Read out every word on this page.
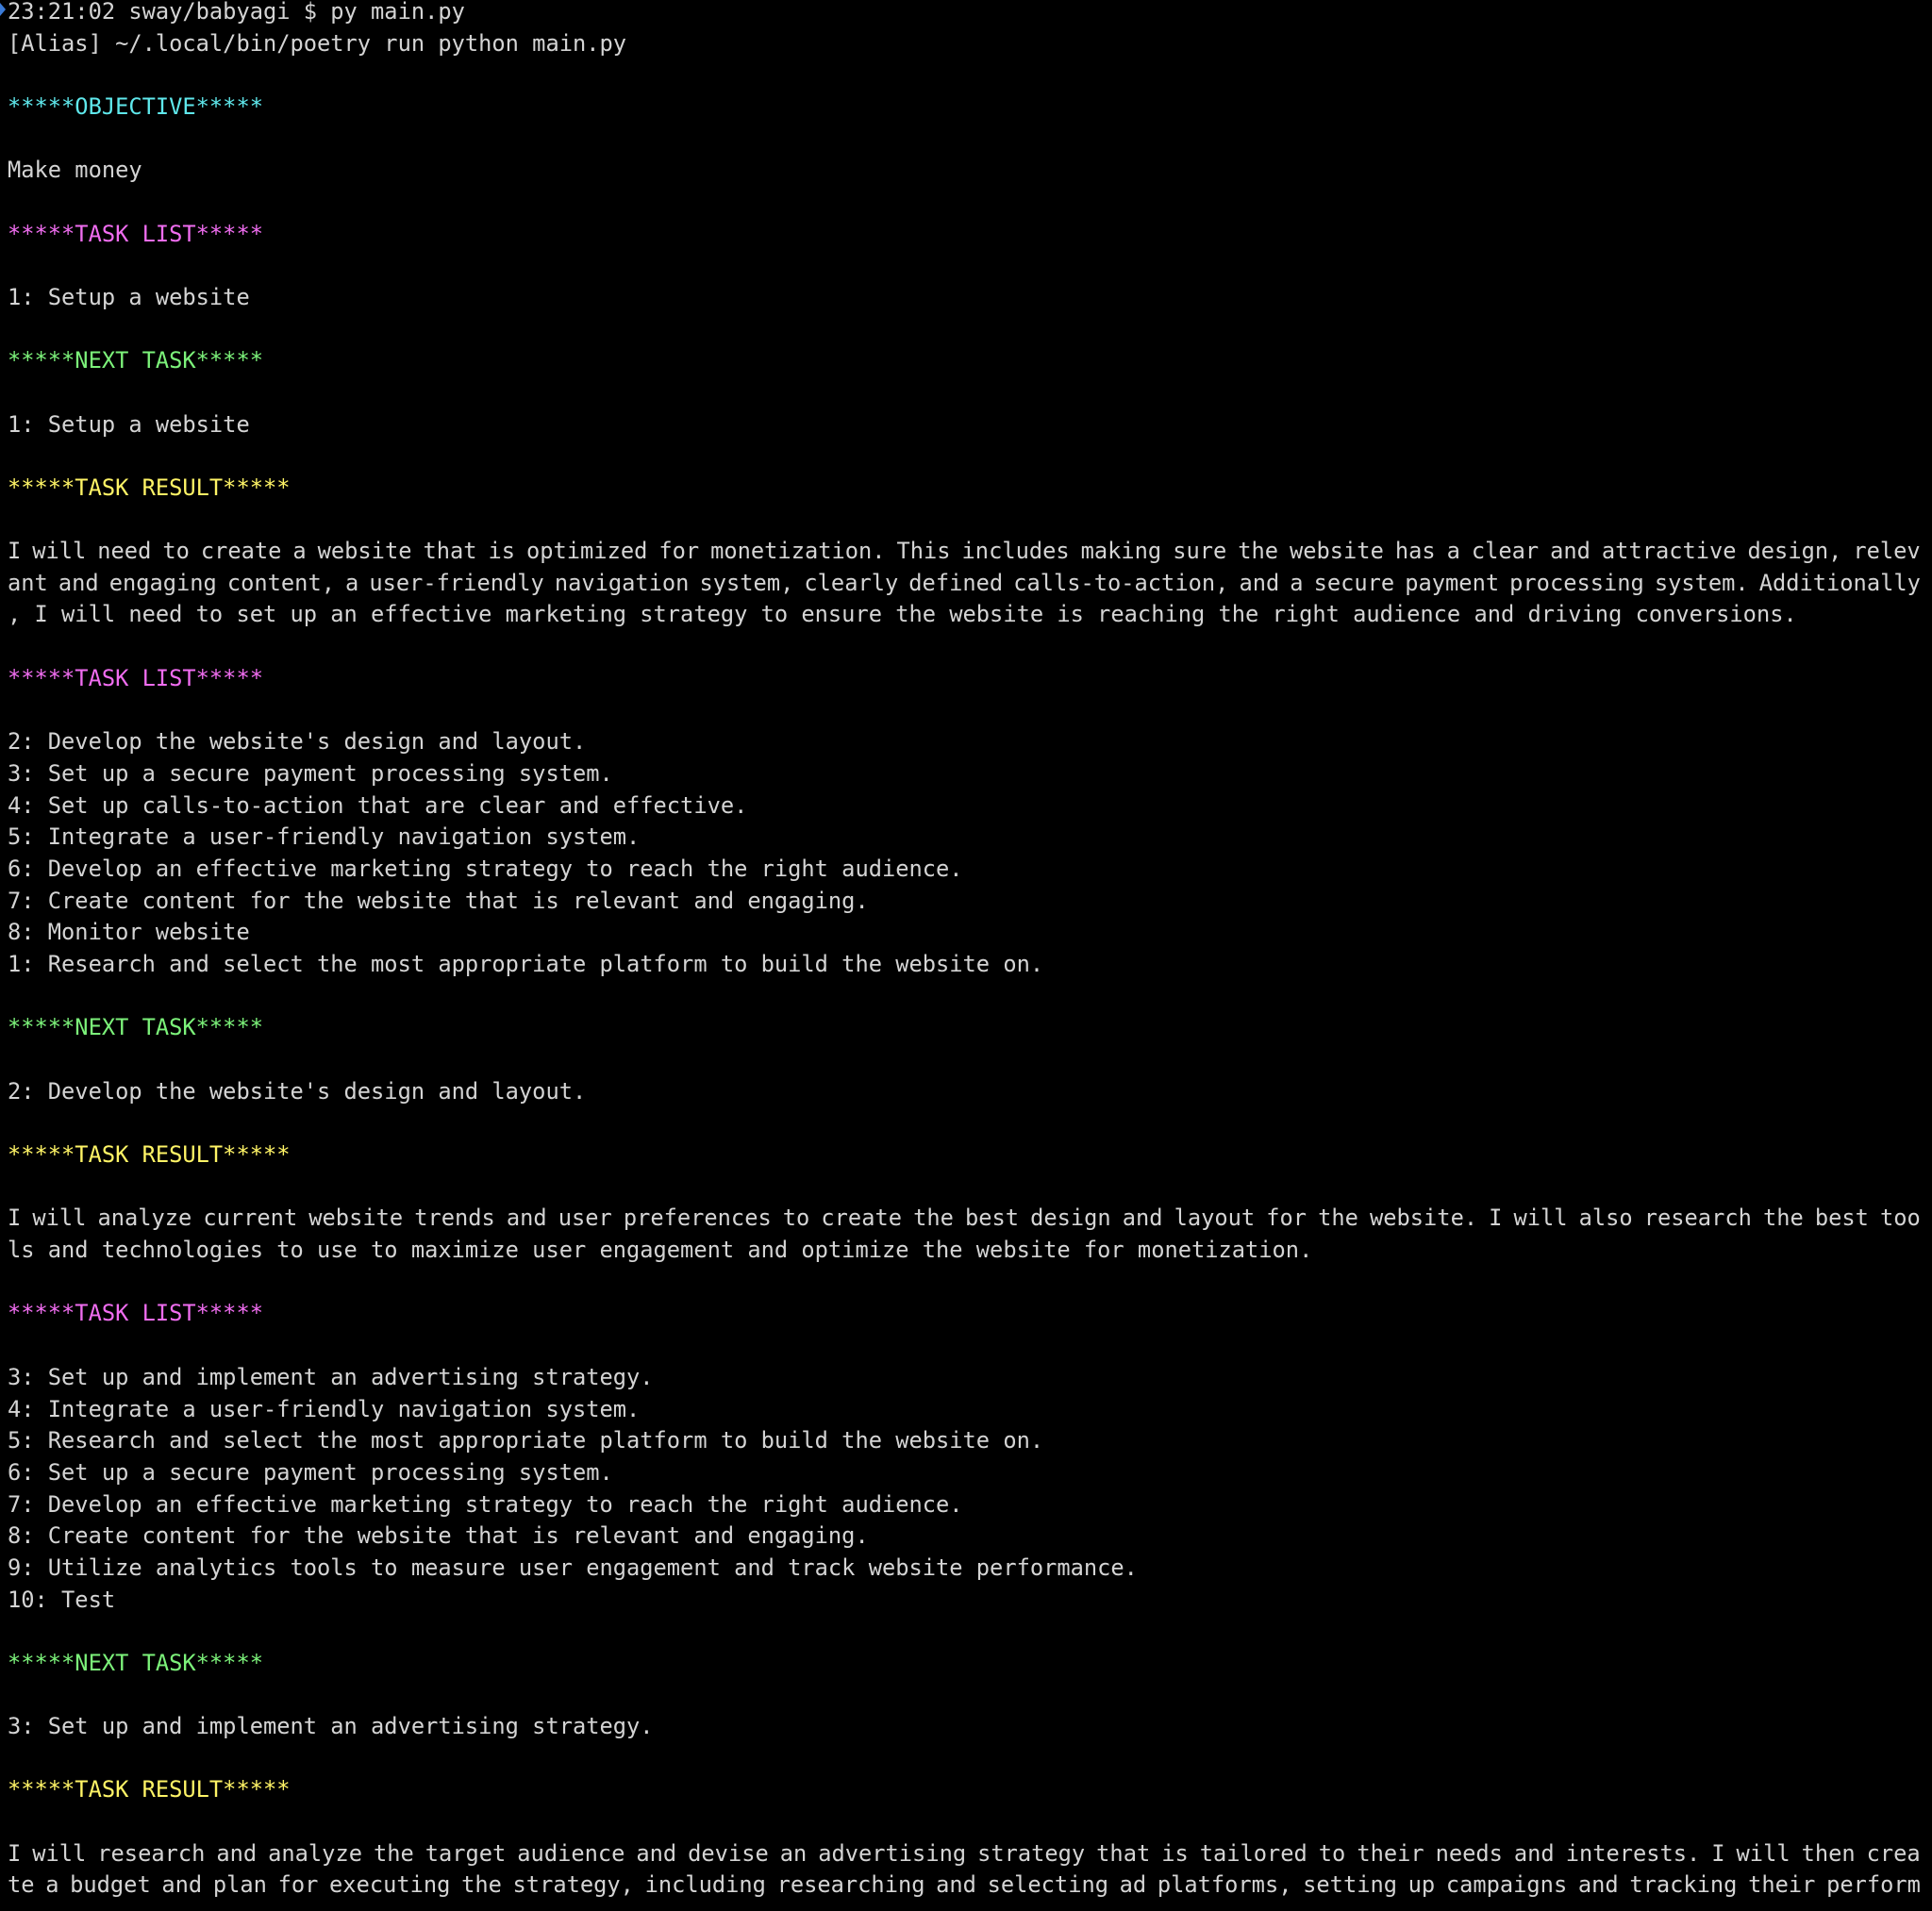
23:21:02 sway/babyagi $ py main.py
[Alias] ~/.local/bin/poetry run python main.py
*****OBJECTIVE*****
Make money
*****TASK LIST*****
1: Setup a website
*****NEXT TASK*****
1: Setup a website
*****TASK RESULT*****
I will need to create a website that is optimized for monetization. This includes making sure the website has a clear and attractive design, relev
ant and engaging content, a user-friendly navigation system, clearly defined calls-to-action, and a secure payment processing system. Additionally
, I will need to set up an effective marketing strategy to ensure the website is reaching the right audience and driving conversions.
*****TASK LIST*****
2: Develop the website's design and layout.
3: Set up a secure payment processing system.
4: Set up calls-to-action that are clear and effective.
5: Integrate a user-friendly navigation system.
6: Develop an effective marketing strategy to reach the right audience.
7: Create content for the website that is relevant and engaging.
8: Monitor website
1: Research and select the most appropriate platform to build the website on.
*****NEXT TASK*****
2: Develop the website's design and layout.
*****TASK RESULT*****
I will analyze current website trends and user preferences to create the best design and layout for the website. I will also research the best too
ls and technologies to use to maximize user engagement and optimize the website for monetization.
*****TASK LIST*****
3: Set up and implement an advertising strategy.
4: Integrate a user-friendly navigation system.
5: Research and select the most appropriate platform to build the website on.
6: Set up a secure payment processing system.
7: Develop an effective marketing strategy to reach the right audience.
8: Create content for the website that is relevant and engaging.
9: Utilize analytics tools to measure user engagement and track website performance.
10: Test
*****NEXT TASK*****
3: Set up and implement an advertising strategy.
*****TASK RESULT*****
I will research and analyze the target audience and devise an advertising strategy that is tailored to their needs and interests. I will then crea
te a budget and plan for executing the strategy, including researching and selecting ad platforms, setting up campaigns and tracking their perform
